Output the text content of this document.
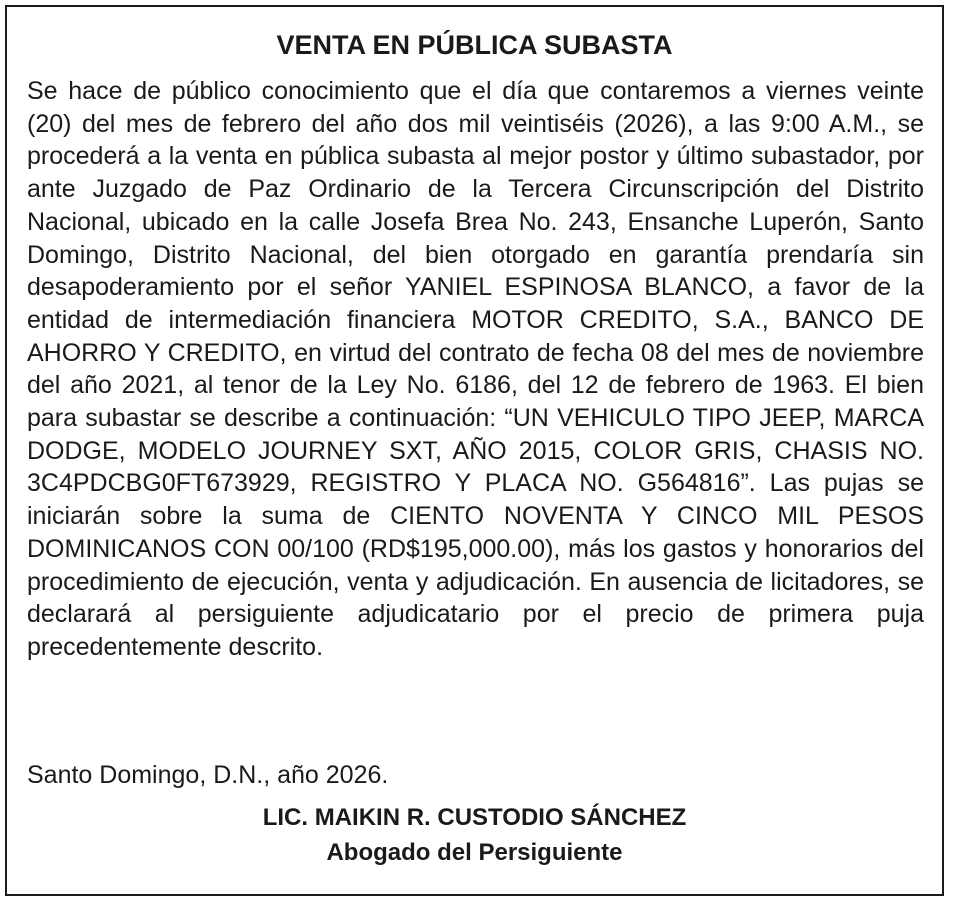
VENTA EN PÚBLICA SUBASTA

Se hace de público conocimiento que el día que contaremos a viernes veinte (20) del mes de febrero del año dos mil veintiséis (2026), a las 9:00 A.M., se procederá a la venta en pública subasta al mejor postor y último subastador, por ante Juzgado de Paz Ordinario de la Tercera Circunscripción del Distrito Nacional, ubicado en la calle Josefa Brea No. 243, Ensanche Luperón, Santo Domingo, Distrito Nacional, del bien otorgado en garantía prendaría sin desapoderamiento por el señor YANIEL ESPINOSA BLANCO, a favor de la entidad de intermediación financiera MOTOR CREDITO, S.A., BANCO DE AHORRO Y CREDITO, en virtud del contrato de fecha 08 del mes de noviembre del año 2021, al tenor de la Ley No. 6186, del 12 de febrero de 1963. El bien para subastar se describe a continuación: “UN VEHICULO TIPO JEEP, MARCA DODGE, MODELO JOURNEY SXT, AÑO 2015, COLOR GRIS, CHASIS NO. 3C4PDCBG0FT673929, REGISTRO Y PLACA NO. G564816”. Las pujas se iniciarán sobre la suma de CIENTO NOVENTA Y CINCO MIL PESOS DOMINICANOS CON 00/100 (RD$195,000.00), más los gastos y honorarios del procedimiento de ejecución, venta y adjudicación. En ausencia de licitadores, se declarará al persiguiente adjudicatario por el precio de primera puja precedentemente descrito.

Santo Domingo, D.N., año 2026.

LIC. MAIKIN R. CUSTODIO SÁNCHEZ

Abogado del Persiguiente
